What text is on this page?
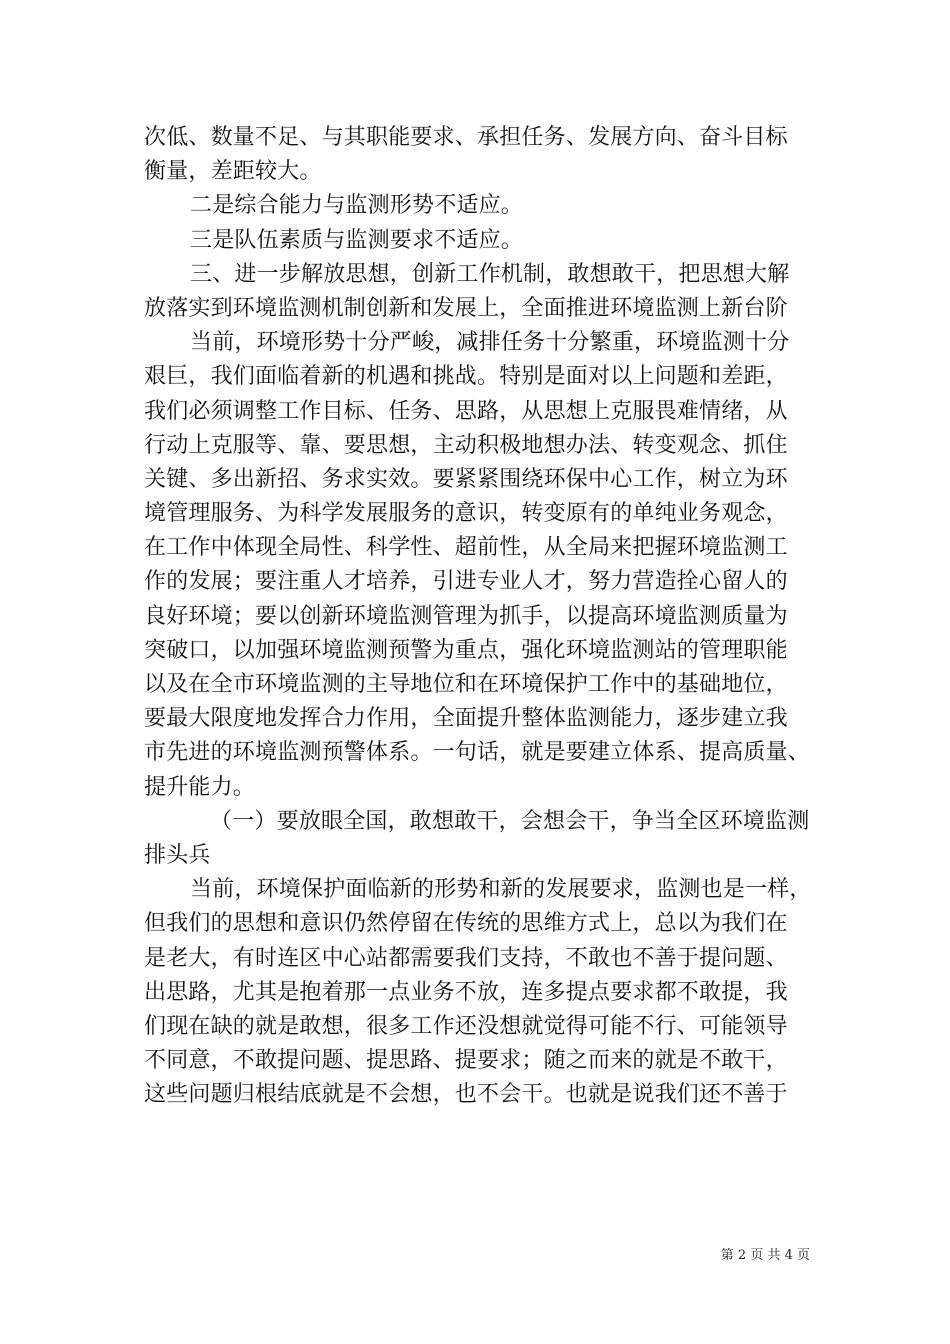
次低、数量不足、与其职能要求、承担任务、发展方向、奋斗目标
衡量，差距较大。
二是综合能力与监测形势不适应。
三是队伍素质与监测要求不适应。
三、进一步解放思想，创新工作机制，敢想敢干，把思想大解
放落实到环境监测机制创新和发展上，全面推进环境监测上新台阶
当前，环境形势十分严峻，减排任务十分繁重，环境监测十分
艰巨，我们面临着新的机遇和挑战。特别是面对以上问题和差距，
我们必须调整工作目标、任务、思路，从思想上克服畏难情绪，从
行动上克服等、靠、要思想，主动积极地想办法、转变观念、抓住
关键、多出新招、务求实效。要紧紧围绕环保中心工作，树立为环
境管理服务、为科学发展服务的意识，转变原有的单纯业务观念，
在工作中体现全局性、科学性、超前性，从全局来把握环境监测工
作的发展；要注重人才培养，引进专业人才，努力营造拴心留人的
良好环境；要以创新环境监测管理为抓手，以提高环境监测质量为
突破口，以加强环境监测预警为重点，强化环境监测站的管理职能
以及在全市环境监测的主导地位和在环境保护工作中的基础地位，
要最大限度地发挥合力作用，全面提升整体监测能力，逐步建立我
市先进的环境监测预警体系。一句话，就是要建立体系、提高质量、
提升能力。
（一）要放眼全国，敢想敢干，会想会干，争当全区环境监测
排头兵
当前，环境保护面临新的形势和新的发展要求，监测也是一样，
但我们的思想和意识仍然停留在传统的思维方式上，总以为我们在
是老大，有时连区中心站都需要我们支持，不敢也不善于提问题、
出思路，尤其是抱着那一点业务不放，连多提点要求都不敢提，我
们现在缺的就是敢想，很多工作还没想就觉得可能不行、可能领导
不同意，不敢提问题、提思路、提要求；随之而来的就是不敢干，
这些问题归根结底就是不会想，也不会干。也就是说我们还不善于
第 2 页 共 4 页
